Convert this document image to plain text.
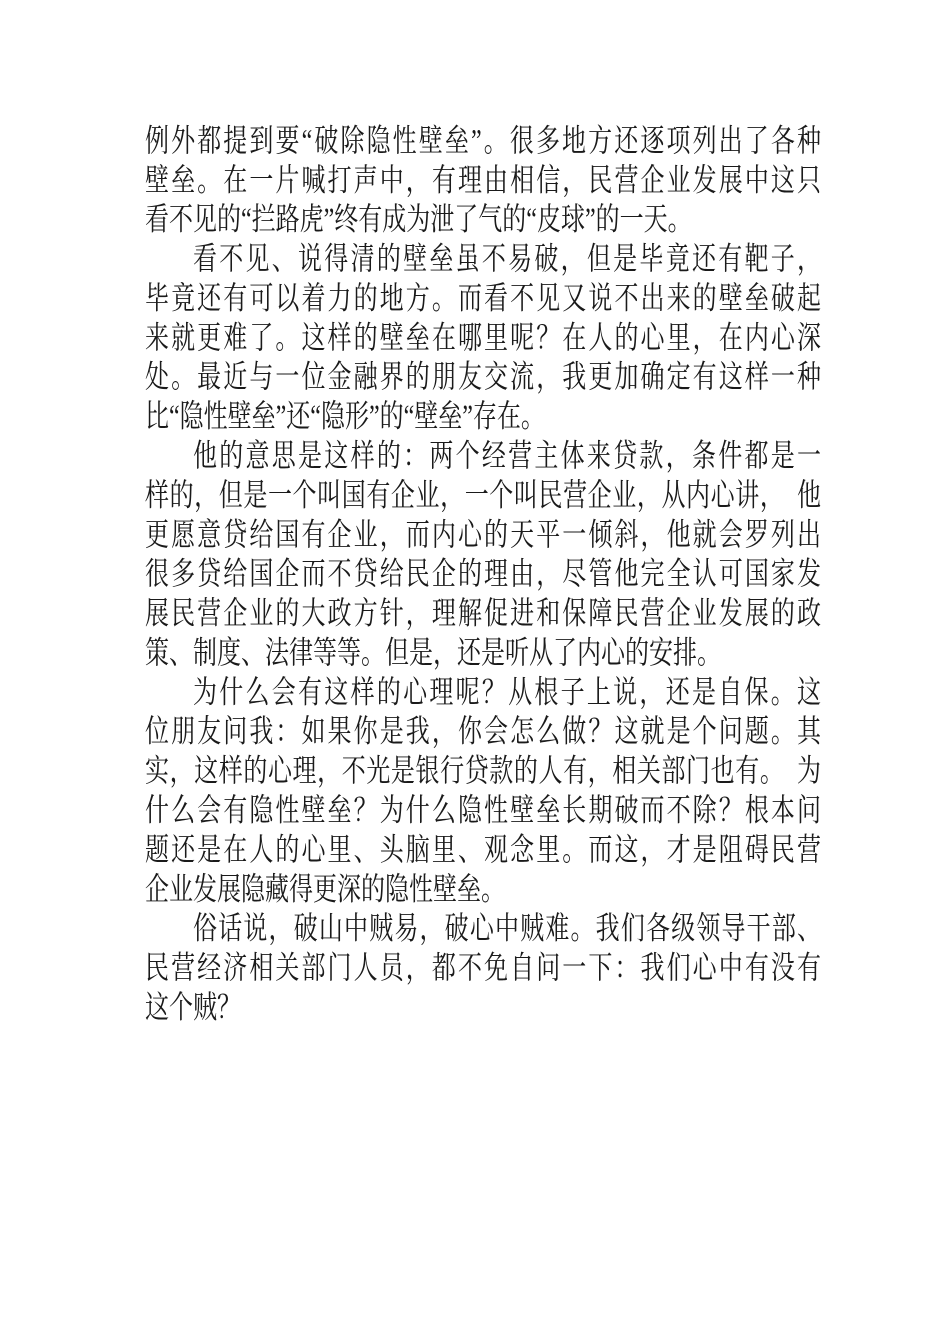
例外都提到要“破除隐性壁垒”。很多地方还逐项列出了各种
壁垒。在一片喊打声中，有理由相信，民营企业发展中这只
看不见的“拦路虎”终有成为泄了气的“皮球”的一天。
看不见、说得清的壁垒虽不易破，但是毕竟还有靶子，
毕竟还有可以着力的地方。而看不见又说不出来的壁垒破起
来就更难了。这样的壁垒在哪里呢？在人的心里，在内心深
处。最近与一位金融界的朋友交流，我更加确定有这样一种
比“隐性壁垒”还“隐形”的“壁垒”存在。
他的意思是这样的：两个经营主体来贷款，条件都是一
样的，但是一个叫国有企业，一个叫民营企业，从内心讲，　他
更愿意贷给国有企业，而内心的天平一倾斜，他就会罗列出
很多贷给国企而不贷给民企的理由，尽管他完全认可国家发
展民营企业的大政方针，理解促进和保障民营企业发展的政
策、制度、法律等等。但是，还是听从了内心的安排。
为什么会有这样的心理呢？从根子上说，还是自保。这
位朋友问我：如果你是我，你会怎么做？这就是个问题。其
实，这样的心理，不光是银行贷款的人有，相关部门也有。　为
什么会有隐性壁垒？为什么隐性壁垒长期破而不除？根本问
题还是在人的心里、头脑里、观念里。而这，才是阻碍民营
企业发展隐藏得更深的隐性壁垒。
俗话说，破山中贼易，破心中贼难。我们各级领导干部、
民营经济相关部门人员，都不免自问一下：我们心中有没有
这个贼？
